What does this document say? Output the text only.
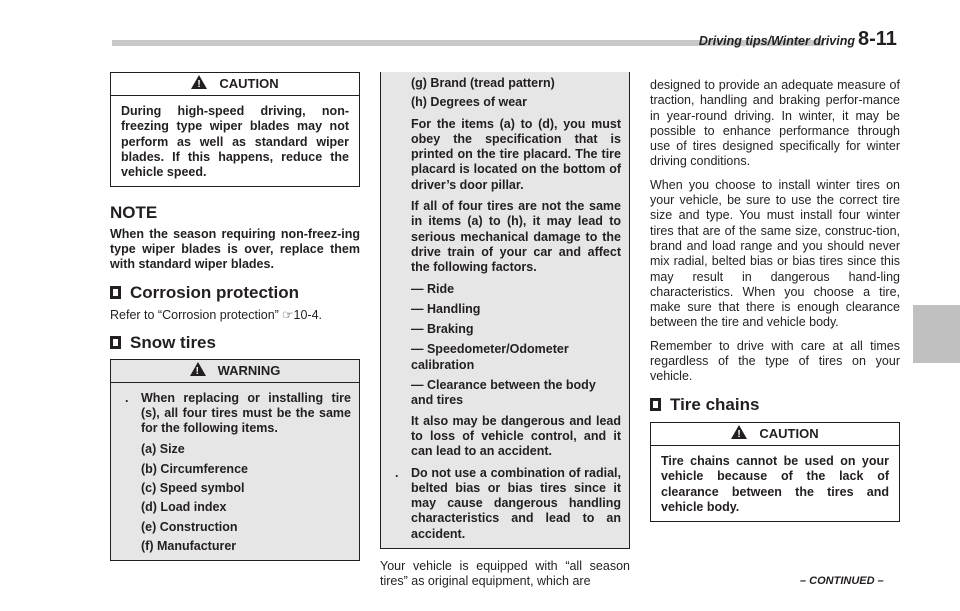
Driving tips/Winter driving 8-11
!
CAUTION
During high-speed driving, non-freezing type wiper blades may not perform as well as standard wiper blades. If this happens, reduce the vehicle speed.
NOTE

When the season requiring non-freez-ing type wiper blades is over, replace them with standard wiper blades.

Corrosion protection

Refer to “Corrosion protection” ☞10-4.

Snow tires
!
WARNING
. When replacing or installing tire (s), all four tires must be the same for the following items.

(a) Size

(b) Circumference

(c) Speed symbol

(d) Load index

(e) Construction

(f) Manufacturer

(g) Brand (tread pattern)

(h) Degrees of wear

For the items (a) to (d), you must obey the specification that is printed on the tire placard. The tire placard is located on the bottom of driver’s door pillar.

If all of four tires are not the same in items (a) to (h), it may lead to serious mechanical damage to the drive train of your car and affect the following factors.

— Ride

— Handling

— Braking

— Speedometer/Odometer calibration

— Clearance between the body and tires

It also may be dangerous and lead to loss of vehicle control, and it can lead to an accident.

. Do not use a combination of radial, belted bias or bias tires since it may cause dangerous handling characteristics and lead to an accident.

Your vehicle is equipped with “all season tires” as original equipment, which are

designed to provide an adequate measure of traction, handling and braking perfor-mance in year-round driving. In winter, it may be possible to enhance performance through use of tires designed specifically for winter driving conditions.

When you choose to install winter tires on your vehicle, be sure to use the correct tire size and type. You must install four winter tires that are of the same size, construc-tion, brand and load range and you should never mix radial, belted bias or bias tires since this may result in dangerous hand-ling characteristics. When you choose a tire, make sure that there is enough clearance between the tire and vehicle body.

Remember to drive with care at all times regardless of the type of tires on your vehicle.

Tire chains
!
CAUTION
Tire chains cannot be used on your vehicle because of the lack of clearance between the tires and vehicle body.
– CONTINUED –
